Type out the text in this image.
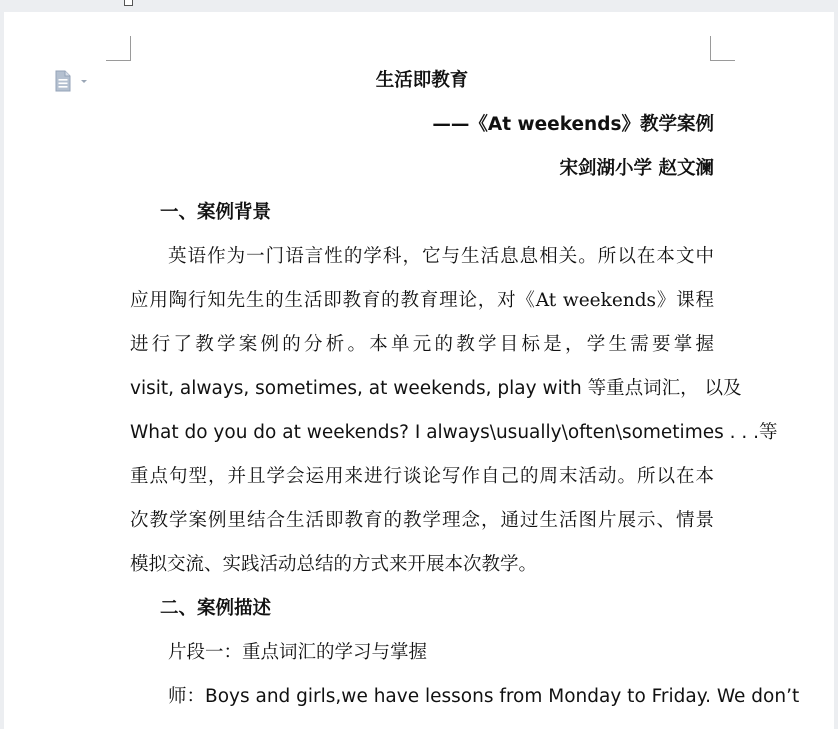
生活即教育
——《At weekends》教学案例
宋剑湖小学 赵文澜
一、案例背景
英语作为一门语言性的学科，它与生活息息相关。所以在本文中
应用陶行知先生的生活即教育的教育理论，对《At weekends》课程
进行了教学案例的分析。本单元的教学目标是，学生需要掌握
visit, always, sometimes, at weekends, play with 等重点词汇， 以及
What do you do at weekends? I always\usually\often\sometimes . . .等
重点句型，并且学会运用来进行谈论写作自己的周末活动。所以在本
次教学案例里结合生活即教育的教学理念，通过生活图片展示、情景
模拟交流、实践活动总结的方式来开展本次教学。
二、案例描述
片段一：重点词汇的学习与掌握
师：Boys and girls,we have lessons from Monday to Friday. We don’t
